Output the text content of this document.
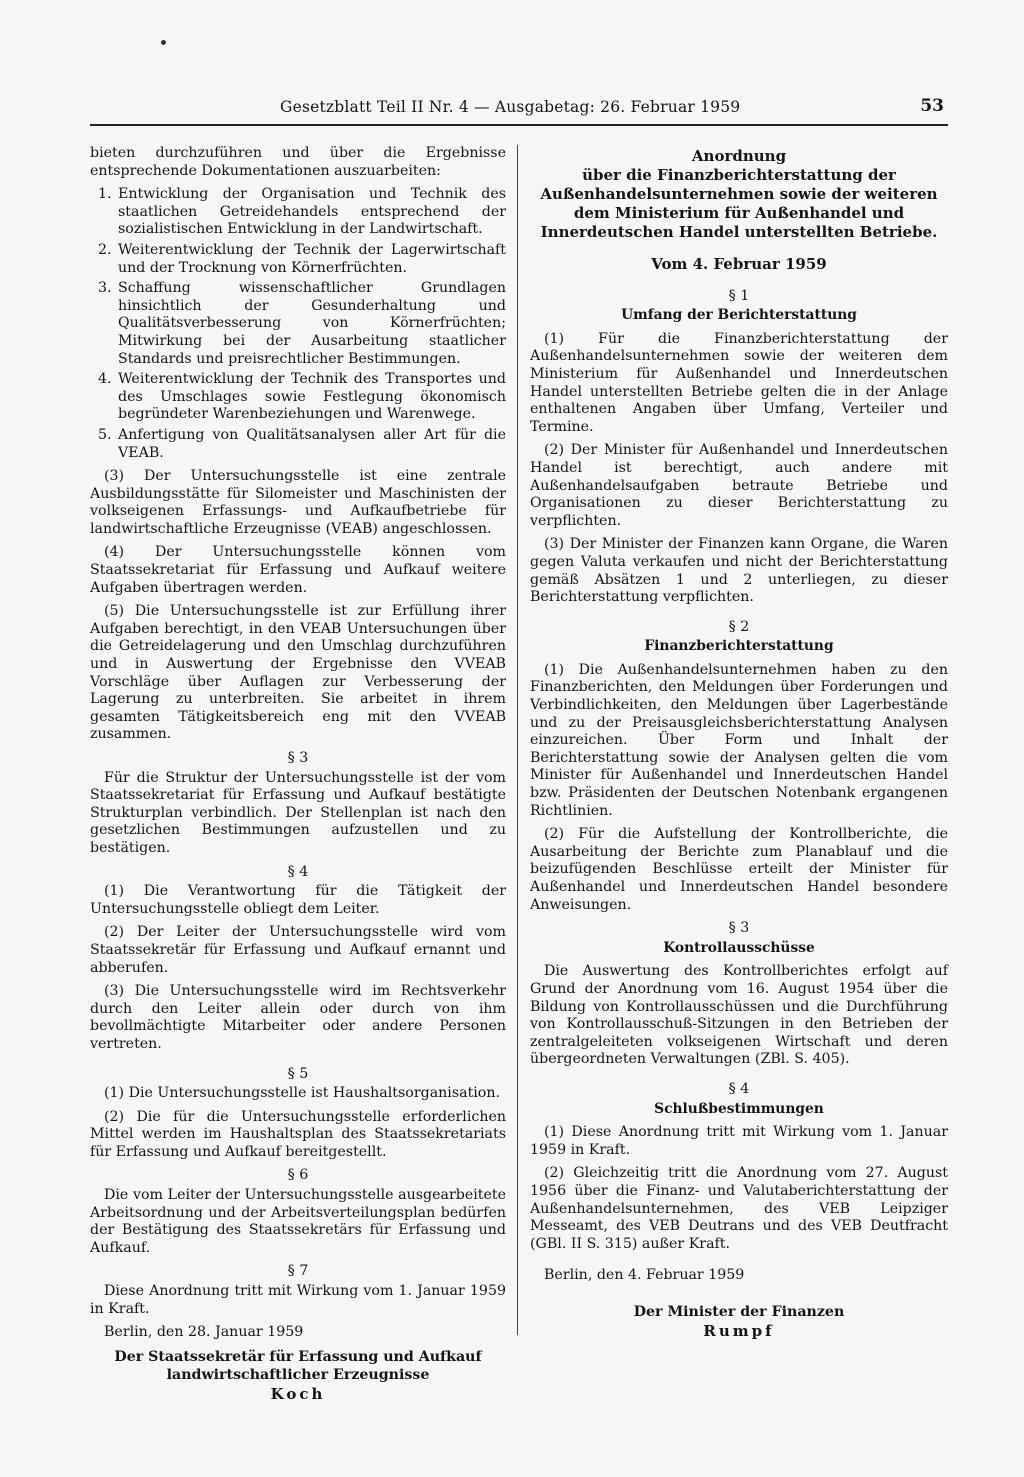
Gesetzblatt Teil II Nr. 4 — Ausgabetag: 26. Februar 1959	53

bieten durchzuführen und über die Ergebnisse entsprechende Dokumentationen auszuarbeiten:

1. Entwicklung der Organisation und Technik des staatlichen Getreidehandels entsprechend der sozialistischen Entwicklung in der Landwirtschaft.
2. Weiterentwicklung der Technik der Lagerwirtschaft und der Trocknung von Körnerfrüchten.
3. Schaffung wissenschaftlicher Grundlagen hinsichtlich der Gesunderhaltung und Qualitätsverbesserung von Körnerfrüchten; Mitwirkung bei der Ausarbeitung staatlicher Standards und preisrechtlicher Bestimmungen.
4. Weiterentwicklung der Technik des Transportes und des Umschlages sowie Festlegung ökonomisch begründeter Warenbeziehungen und Warenwege.
5. Anfertigung von Qualitätsanalysen aller Art für die VEAB.

(3) Der Untersuchungsstelle ist eine zentrale Ausbildungsstätte für Silomeister und Maschinisten der volkseigenen Erfassungs- und Aufkaufbetriebe für landwirtschaftliche Erzeugnisse (VEAB) angeschlossen.

(4) Der Untersuchungsstelle können vom Staatssekretariat für Erfassung und Aufkauf weitere Aufgaben übertragen werden.

(5) Die Untersuchungsstelle ist zur Erfüllung ihrer Aufgaben berechtigt, in den VEAB Untersuchungen über die Getreidelagerung und den Umschlag durchzuführen und in Auswertung der Ergebnisse den VVEAB Vorschläge über Auflagen zur Verbesserung der Lagerung zu unterbreiten. Sie arbeitet in ihrem gesamten Tätigkeitsbereich eng mit den VVEAB zusammen.

§ 3

Für die Struktur der Untersuchungsstelle ist der vom Staatssekretariat für Erfassung und Aufkauf bestätigte Strukturplan verbindlich. Der Stellenplan ist nach den gesetzlichen Bestimmungen aufzustellen und zu bestätigen.

§ 4

(1) Die Verantwortung für die Tätigkeit der Untersuchungsstelle obliegt dem Leiter.

(2) Der Leiter der Untersuchungsstelle wird vom Staatssekretär für Erfassung und Aufkauf ernannt und abberufen.

(3) Die Untersuchungsstelle wird im Rechtsverkehr durch den Leiter allein oder durch von ihm bevollmächtigte Mitarbeiter oder andere Personen vertreten.

§ 5

(1) Die Untersuchungsstelle ist Haushaltsorganisation.

(2) Die für die Untersuchungsstelle erforderlichen Mittel werden im Haushaltsplan des Staatssekretariats für Erfassung und Aufkauf bereitgestellt.

§ 6

Die vom Leiter der Untersuchungsstelle ausgearbeitete Arbeitsordnung und der Arbeitsverteilungsplan bedürfen der Bestätigung des Staatssekretärs für Erfassung und Aufkauf.

§ 7

Diese Anordnung tritt mit Wirkung vom 1. Januar 1959 in Kraft.

Berlin, den 28. Januar 1959

Der Staatssekretär für Erfassung und Aufkauf landwirtschaftlicher Erzeugnisse
Koch
Anordnung
über die Finanzberichterstattung der Außenhandelsunternehmen sowie der weiteren dem Ministerium für Außenhandel und Innerdeutschen Handel unterstellten Betriebe.
Vom 4. Februar 1959
§ 1
Umfang der Berichterstattung

(1) Für die Finanzberichterstattung der Außenhandelsunternehmen sowie der weiteren dem Ministerium für Außenhandel und Innerdeutschen Handel unterstellten Betriebe gelten die in der Anlage enthaltenen Angaben über Umfang, Verteiler und Termine.

(2) Der Minister für Außenhandel und Innerdeutschen Handel ist berechtigt, auch andere mit Außenhandelsaufgaben betraute Betriebe und Organisationen zu dieser Berichterstattung zu verpflichten.

(3) Der Minister der Finanzen kann Organe, die Waren gegen Valuta verkaufen und nicht der Berichterstattung gemäß Absätzen 1 und 2 unterliegen, zu dieser Berichterstattung verpflichten.

§ 2
Finanzberichterstattung

(1) Die Außenhandelsunternehmen haben zu den Finanzberichten, den Meldungen über Forderungen und Verbindlichkeiten, den Meldungen über Lagerbestände und zu der Preisausgleichsberichterstattung Analysen einzureichen. Über Form und Inhalt der Berichterstattung sowie der Analysen gelten die vom Minister für Außenhandel und Innerdeutschen Handel bzw. Präsidenten der Deutschen Notenbank ergangenen Richtlinien.

(2) Für die Aufstellung der Kontrollberichte, die Ausarbeitung der Berichte zum Planablauf und die beizufügenden Beschlüsse erteilt der Minister für Außenhandel und Innerdeutschen Handel besondere Anweisungen.

§ 3
Kontrollausschüsse

Die Auswertung des Kontrollberichtes erfolgt auf Grund der Anordnung vom 16. August 1954 über die Bildung von Kontrollausschüssen und die Durchführung von Kontrollausschuß-Sitzungen in den Betrieben der zentralgeleiteten volkseigenen Wirtschaft und deren übergeordneten Verwaltungen (ZBl. S. 405).

§ 4
Schlußbestimmungen

(1) Diese Anordnung tritt mit Wirkung vom 1. Januar 1959 in Kraft.

(2) Gleichzeitig tritt die Anordnung vom 27. August 1956 über die Finanz- und Valutaberichterstattung der Außenhandelsunternehmen, des VEB Leipziger Messeamt, des VEB Deutrans und des VEB Deutfracht (GBl. II S. 315) außer Kraft.

Berlin, den 4. Februar 1959

Der Minister der Finanzen
Rumpf
